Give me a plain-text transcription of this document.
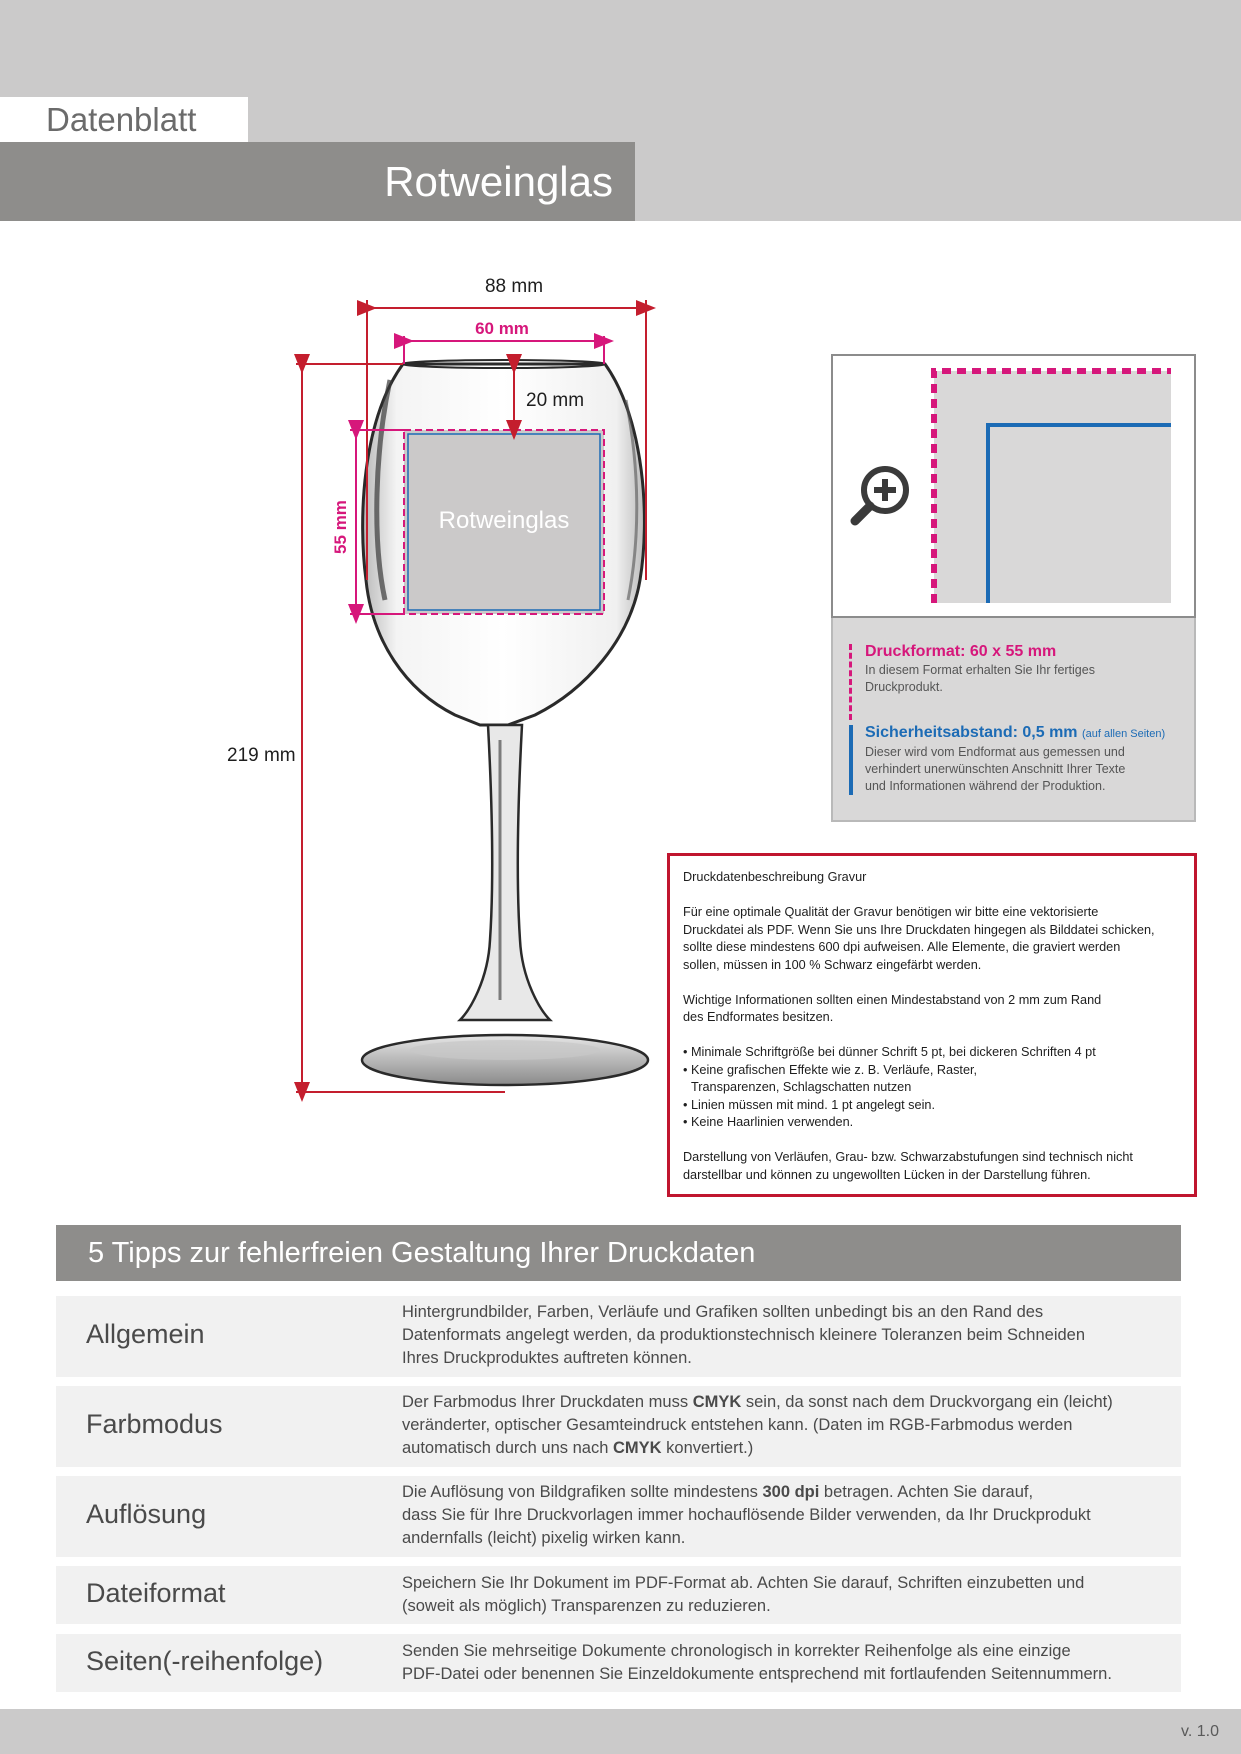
Datenblatt
Rotweinglas
Rotweinglas
88 mm
60 mm
20 mm
55 mm
219 mm
Druckformat: 60 x 55 mm
In diesem Format erhalten Sie Ihr fertiges
Druckprodukt.
Sicherheitsabstand: 0,5 mm (auf allen Seiten)
Dieser wird vom Endformat aus gemessen und
verhindert unerwünschten Anschnitt Ihrer Texte
und Informationen während der Produktion.

Druckdatenbeschreibung Gravur

Für eine optimale Qualität der Gravur benötigen wir bitte eine vektorisierte
Druckdatei als PDF. Wenn Sie uns Ihre Druckdaten hingegen als Bilddatei schicken,
sollte diese mindestens 600 dpi aufweisen. Alle Elemente, die graviert werden
sollen, müssen in 100 % Schwarz eingefärbt werden.

Wichtige Informationen sollten einen Mindestabstand von 2 mm zum Rand
des Endformates besitzen.

• Minimale Schriftgröße bei dünner Schrift 5 pt, bei dickeren Schriften 4 pt
• Keine grafischen Effekte wie z. B. Verläufe, Raster,
Transparenzen, Schlagschatten nutzen
• Linien müssen mit mind. 1 pt angelegt sein.
• Keine Haarlinien verwenden.

Darstellung von Verläufen, Grau- bzw. Schwarzabstufungen sind technisch nicht
darstellbar und können zu ungewollten Lücken in der Darstellung führen.

5 Tipps zur fehlerfreien Gestaltung Ihrer Druckdaten
Allgemein
Hintergrundbilder, Farben, Verläufe und Grafiken sollten unbedingt bis an den Rand des
Datenformats angelegt werden, da produktionstechnisch kleinere Toleranzen beim Schneiden
Ihres Druckproduktes auftreten können.
Farbmodus
Der Farbmodus Ihrer Druckdaten muss CMYK sein, da sonst nach dem Druckvorgang ein (leicht)
veränderter, optischer Gesamteindruck entstehen kann. (Daten im RGB-Farbmodus werden
automatisch durch uns nach CMYK konvertiert.)
Auflösung
Die Auflösung von Bildgrafiken sollte mindestens 300 dpi betragen. Achten Sie darauf,
dass Sie für Ihre Druckvorlagen immer hochauflösende Bilder verwenden, da Ihr Druckprodukt
andernfalls (leicht) pixelig wirken kann.
Dateiformat	Speichern Sie Ihr Dokument im PDF-Format ab. Achten Sie darauf, Schriften einzubetten und
(soweit als möglich) Transparenzen zu reduzieren.
Seiten(-reihenfolge)	Senden Sie mehrseitige Dokumente chronologisch in korrekter Reihenfolge als eine einzige
PDF-Datei oder benennen Sie Einzeldokumente entsprechend mit fortlaufenden Seitennummern.
v. 1.0
